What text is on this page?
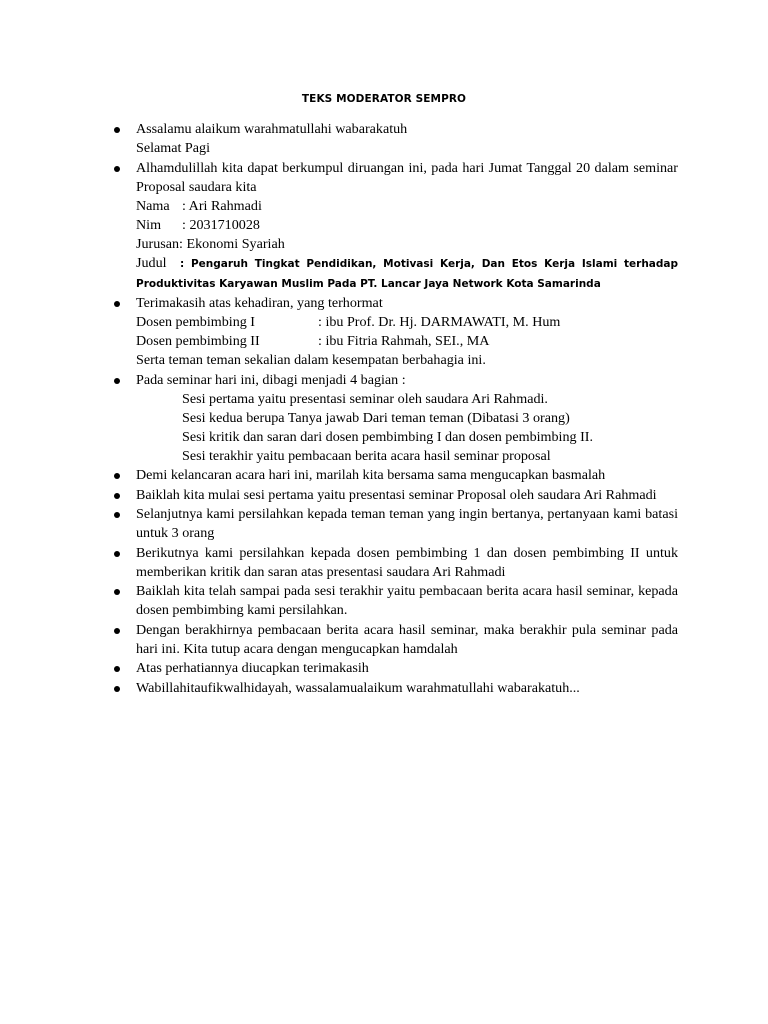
TEKS MODERATOR SEMPRO
Assalamu alaikum warahmatullahi wabarakatuh
Selamat Pagi
Alhamdulillah kita dapat berkumpul diruangan ini, pada hari Jumat Tanggal 20 dalam seminar Proposal saudara kita
Nama : Ari Rahmadi
Nim	: 2031710028
Jurusan: Ekonomi Syariah
Judul : Pengaruh Tingkat Pendidikan, Motivasi Kerja, Dan Etos Kerja Islami terhadap Produktivitas Karyawan Muslim Pada PT. Lancar Jaya Network Kota Samarinda
Terimakasih atas kehadiran, yang terhormat
Dosen pembimbing I	: ibu Prof. Dr. Hj. DARMAWATI, M. Hum
Dosen pembimbing II	: ibu Fitria Rahmah, SEI., MA
Serta teman teman sekalian dalam kesempatan berbahagia ini.
Pada seminar hari ini, dibagi menjadi 4 bagian :
Sesi pertama yaitu presentasi seminar oleh saudara Ari Rahmadi.
Sesi kedua berupa Tanya jawab Dari teman teman (Dibatasi 3 orang)
Sesi kritik dan saran dari dosen pembimbing I dan dosen pembimbing II.
Sesi terakhir yaitu pembacaan berita acara hasil seminar proposal
Demi kelancaran acara hari ini, marilah kita bersama sama mengucapkan basmalah
Baiklah kita mulai sesi pertama yaitu presentasi seminar Proposal oleh saudara Ari Rahmadi
Selanjutnya kami persilahkan kepada teman teman yang ingin bertanya, pertanyaan kami batasi untuk 3 orang
Berikutnya kami persilahkan kepada dosen pembimbing 1 dan dosen pembimbing II untuk memberikan kritik dan saran atas presentasi saudara Ari Rahmadi
Baiklah kita telah sampai pada sesi terakhir yaitu pembacaan berita acara hasil seminar, kepada dosen pembimbing kami persilahkan.
Dengan berakhirnya pembacaan berita acara hasil seminar, maka berakhir pula seminar pada hari ini. Kita tutup acara dengan mengucapkan hamdalah
Atas perhatiannya diucapkan terimakasih
Wabillahitaufikwalhidayah, wassalamualaikum warahmatullahi wabarakatuh...
